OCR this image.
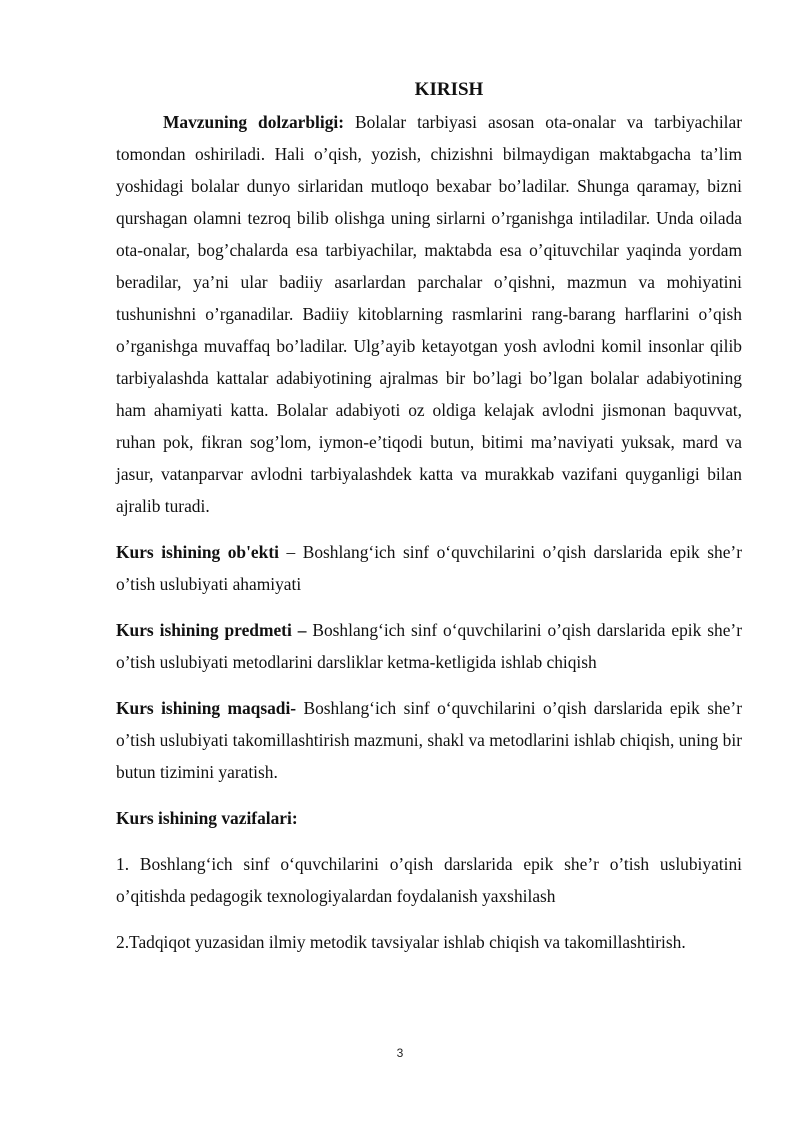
KIRISH

Mavzuning dolzarbligi: Bolalar tarbiyasi asosan ota-onalar va tarbiyachilar tomondan oshiriladi. Hali o’qish, yozish, chizishni bilmaydigan maktabgacha ta’lim yoshidagi bolalar dunyo sirlaridan mutloqo bexabar bo’ladilar. Shunga qaramay, bizni qurshagan olamni tezroq bilib olishga uning sirlarni o’rganishga intiladilar. Unda oilada ota-onalar, bog’chalarda esa tarbiyachilar, maktabda esa o’qituvchilar yaqinda yordam beradilar, ya’ni ular badiiy asarlardan parchalar o’qishni, mazmun va mohiyatini tushunishni o’rganadilar. Badiiy kitoblarning rasmlarini rang-barang harflarini o’qish o’rganishga muvaffaq bo’ladilar. Ulg’ayib ketayotgan yosh avlodni komil insonlar qilib tarbiyalashda kattalar adabiyotining ajralmas bir bo’lagi bo’lgan bolalar adabiyotining ham ahamiyati katta. Bolalar adabiyoti oz oldiga kelajak avlodni jismonan baquvvat, ruhan pok, fikran sog’lom, iymon-e’tiqodi butun, bitimi ma’naviyati yuksak, mard va jasur, vatanparvar avlodni tarbiyalashdek katta va murakkab vazifani quyganligi bilan ajralib turadi.

Kurs ishining ob'ekti – Boshlang‘ich sinf o‘quvchilarini o’qish darslarida epik she’r o’tish uslubiyati ahamiyati

Kurs ishining predmeti – Boshlang‘ich sinf o‘quvchilarini o’qish darslarida epik she’r o’tish uslubiyati metodlarini darsliklar ketma-ketligida ishlab chiqish

Kurs ishining maqsadi- Boshlang‘ich sinf o‘quvchilarini o’qish darslarida epik she’r o’tish uslubiyati takomillashtirish mazmuni, shakl va metodlarini ishlab chiqish, uning bir butun tizimini yaratish.

Kurs ishining vazifalari:

1. Boshlang‘ich sinf o‘quvchilarini o’qish darslarida epik she’r o’tish uslubiyatini o’qitishda pedagogik texnologiyalardan foydalanish yaxshilash

2.Tadqiqot yuzasidan ilmiy metodik tavsiyalar ishlab chiqish va takomillashtirish.

3
